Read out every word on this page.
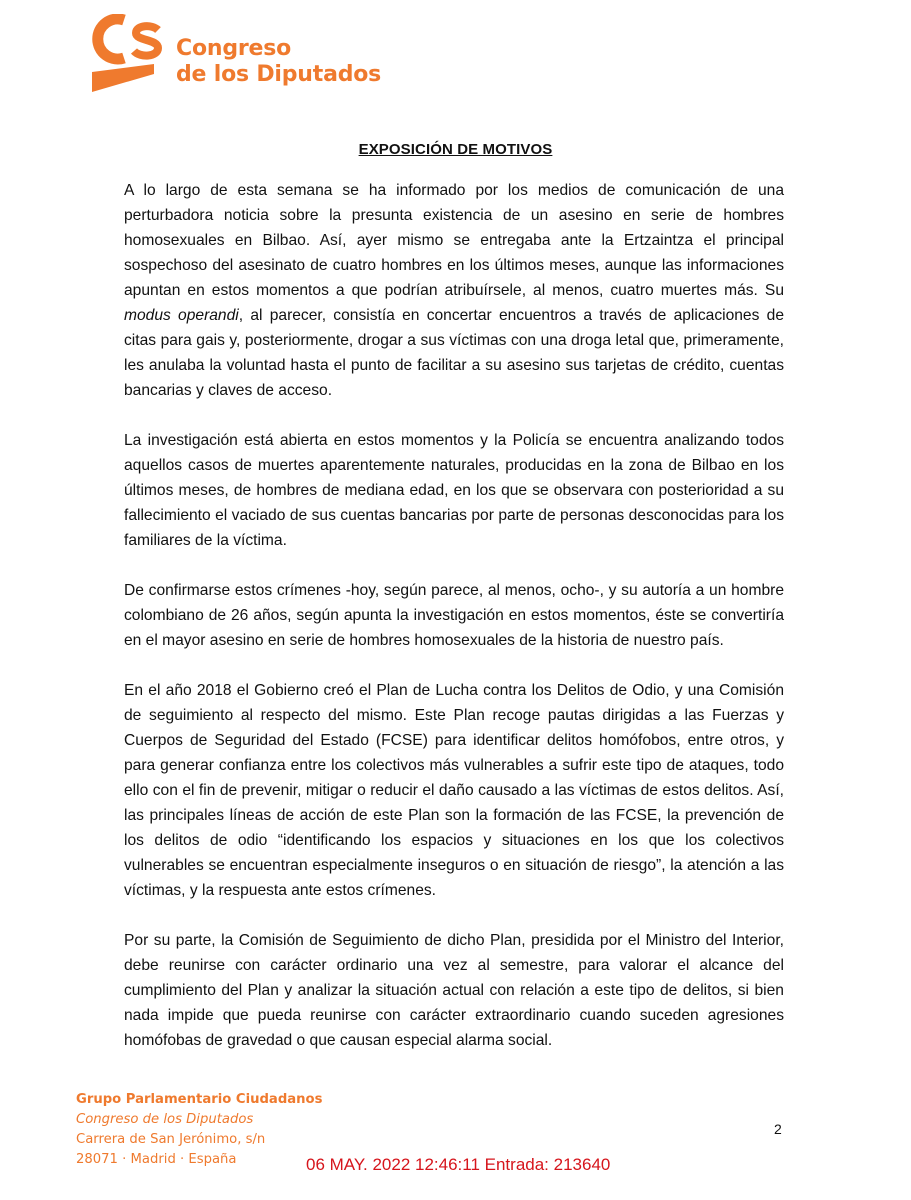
Congreso
de los Diputados
EXPOSICIÓN DE MOTIVOS

A lo largo de esta semana se ha informado por los medios de comunicación de una perturbadora noticia sobre la presunta existencia de un asesino en serie de hombres homosexuales en Bilbao. Así, ayer mismo se entregaba ante la Ertzaintza el principal sospechoso del asesinato de cuatro hombres en los últimos meses, aunque las informaciones apuntan en estos momentos a que podrían atribuírsele, al menos, cuatro muertes más. Su modus operandi, al parecer, consistía en concertar encuentros a través de aplicaciones de citas para gais y, posteriormente, drogar a sus víctimas con una droga letal que, primeramente, les anulaba la voluntad hasta el punto de facilitar a su asesino sus tarjetas de crédito, cuentas bancarias y claves de acceso.

La investigación está abierta en estos momentos y la Policía se encuentra analizando todos aquellos casos de muertes aparentemente naturales, producidas en la zona de Bilbao en los últimos meses, de hombres de mediana edad, en los que se observara con posterioridad a su fallecimiento el vaciado de sus cuentas bancarias por parte de personas desconocidas para los familiares de la víctima.

De confirmarse estos crímenes -hoy, según parece, al menos, ocho-, y su autoría a un hombre colombiano de 26 años, según apunta la investigación en estos momentos, éste se convertiría en el mayor asesino en serie de hombres homosexuales de la historia de nuestro país.

En el año 2018 el Gobierno creó el Plan de Lucha contra los Delitos de Odio, y una Comisión de seguimiento al respecto del mismo. Este Plan recoge pautas dirigidas a las Fuerzas y Cuerpos de Seguridad del Estado (FCSE) para identificar delitos homófobos, entre otros, y para generar confianza entre los colectivos más vulnerables a sufrir este tipo de ataques, todo ello con el fin de prevenir, mitigar o reducir el daño causado a las víctimas de estos delitos. Así, las principales líneas de acción de este Plan son la formación de las FCSE, la prevención de los delitos de odio “identificando los espacios y situaciones en los que los colectivos vulnerables se encuentran especialmente inseguros o en situación de riesgo”, la atención a las víctimas, y la respuesta ante estos crímenes.

Por su parte, la Comisión de Seguimiento de dicho Plan, presidida por el Ministro del Interior, debe reunirse con carácter ordinario una vez al semestre, para valorar el alcance del cumplimiento del Plan y analizar la situación actual con relación a este tipo de delitos, si bien nada impide que pueda reunirse con carácter extraordinario cuando suceden agresiones homófobas de gravedad o que causan especial alarma social.

Grupo Parlamentario Ciudadanos
Congreso de los Diputados
Carrera de San Jerónimo, s/n
28071 · Madrid · España
2
06 MAY. 2022 12:46:11 Entrada: 213640
